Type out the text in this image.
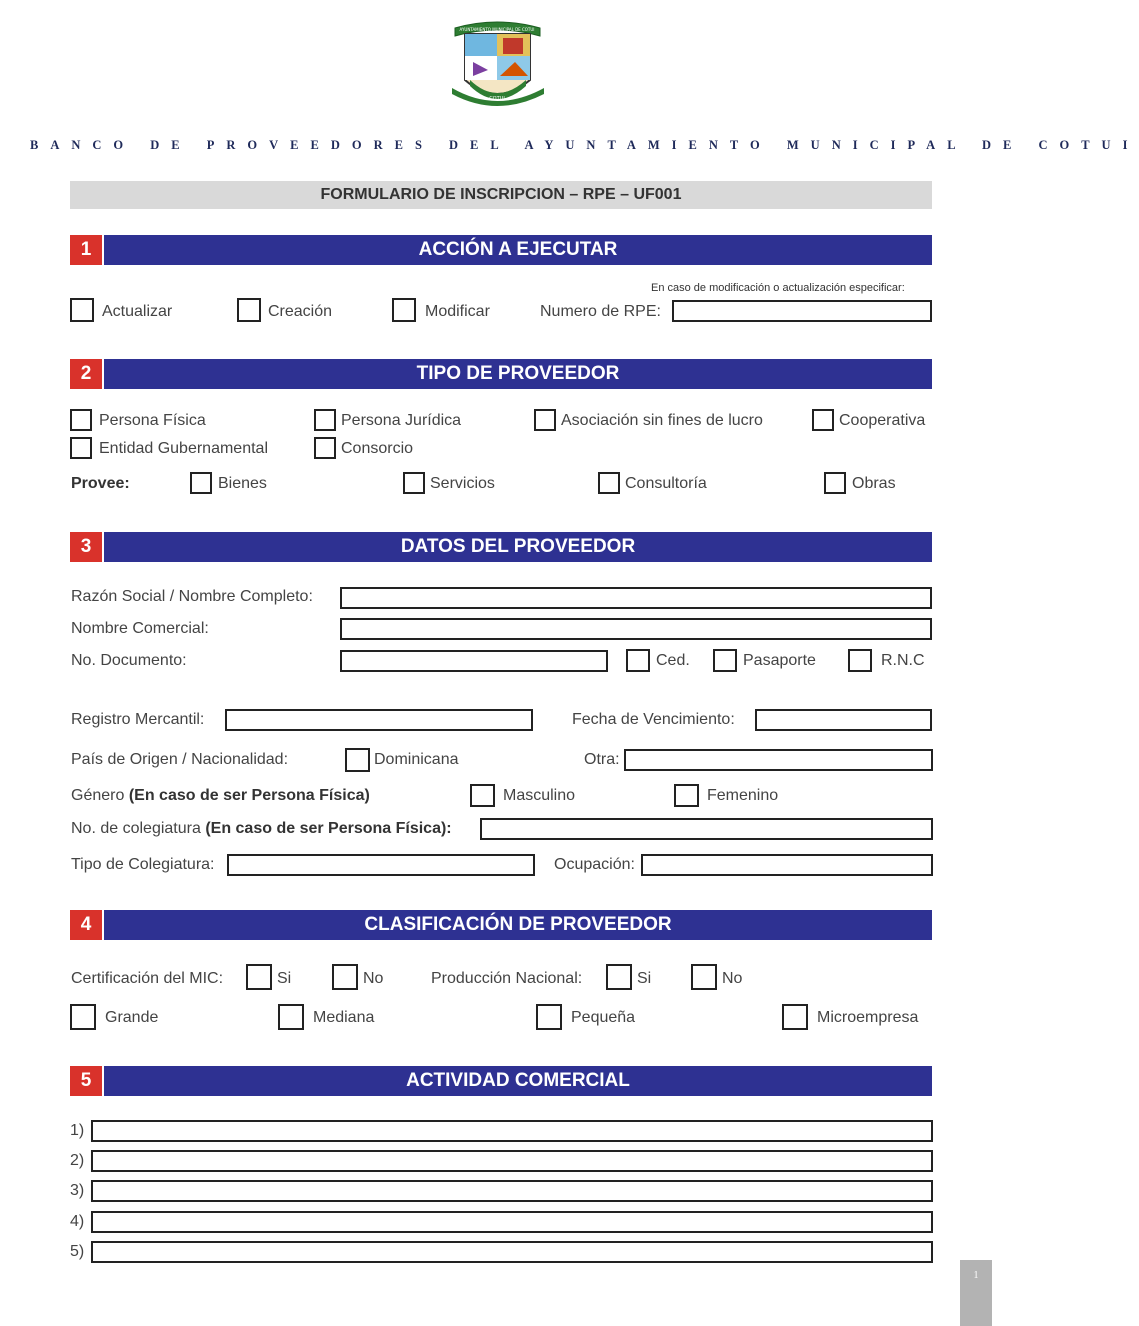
AYUNTAMIENTO MUNICIPAL DE COTUI
COTUI
BANCO DE PROVEEDORES DEL AYUNTAMIENTO MUNICIPAL DE COTUI
FORMULARIO DE INSCRIPCION – RPE – UF001
1	ACCIÓN A EJECUTAR
En caso de modificación o actualización especificar:
Actualizar	Creación	Modificar	Numero de RPE:
2	TIPO DE PROVEEDOR
Persona Física	Persona Jurídica	Asociación sin fines de lucro	Cooperativa
Entidad Gubernamental	Consorcio
Provee:	Bienes	Servicios	Consultoría	Obras
3	DATOS DEL PROVEEDOR
Razón Social / Nombre Completo:
Nombre Comercial:
No. Documento:	Ced.	Pasaporte	R.N.C
Registro Mercantil:	Fecha de Vencimiento:
País de Origen / Nacionalidad:	Dominicana	Otra:
Género (En caso de ser Persona Física)	Masculino	Femenino
No. de colegiatura (En caso de ser Persona Física):
Tipo de Colegiatura:	Ocupación:
4	CLASIFICACIÓN DE PROVEEDOR
Certificación del MIC:	Si	No	Producción Nacional:	Si	No
Grande	Mediana	Pequeña	Microempresa
5	ACTIVIDAD COMERCIAL
1)
2)
3)
4)
5)
1
